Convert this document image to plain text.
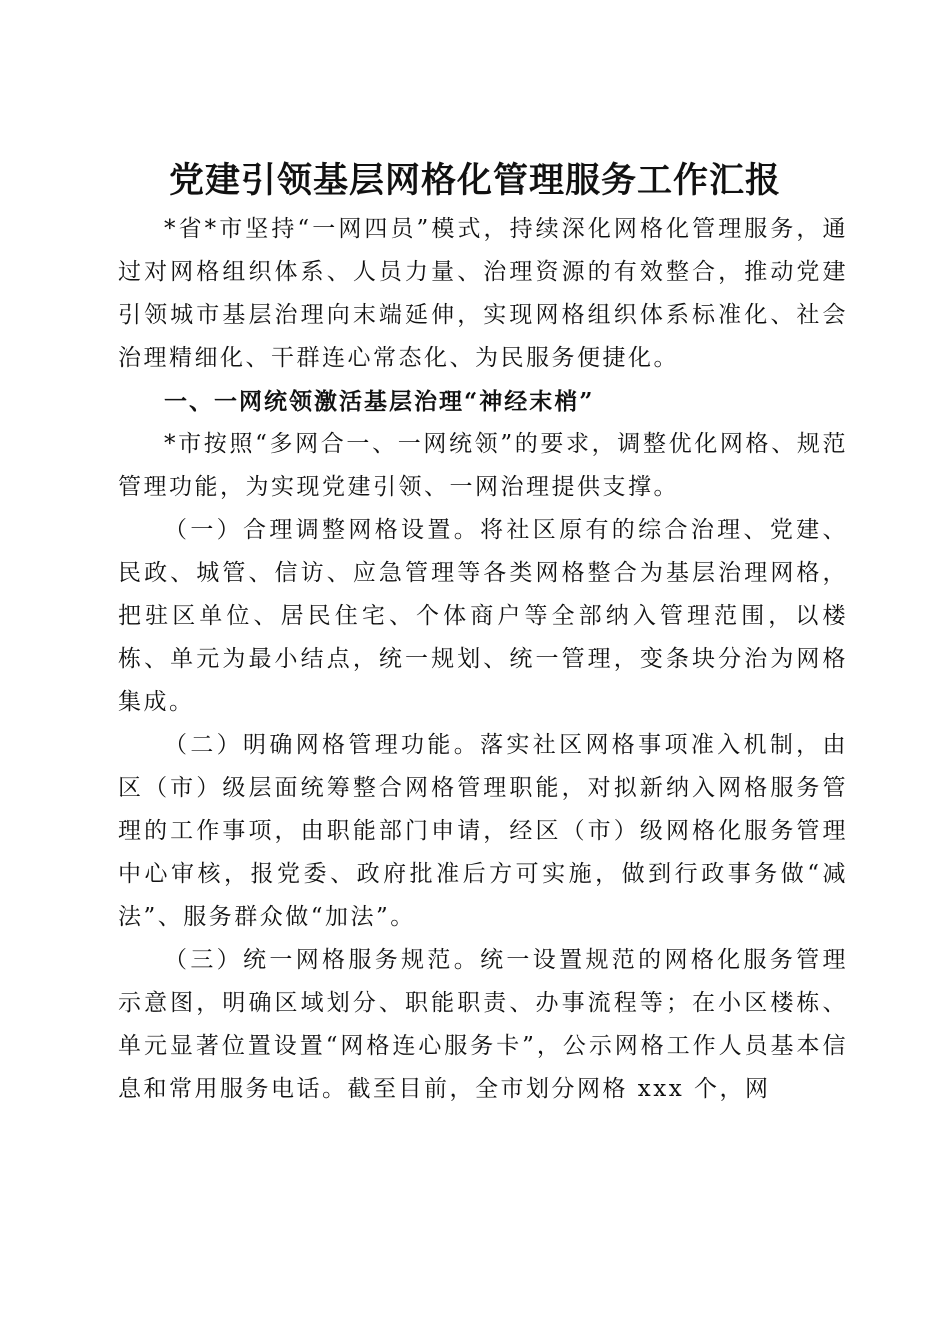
党建引领基层网格化管理服务工作汇报

*省*市坚持“一网四员”模式，持续深化网格化管理服务，通过对网格组织体系、人员力量、治理资源的有效整合，推动党建引领城市基层治理向末端延伸，实现网格组织体系标准化、社会治理精细化、干群连心常态化、为民服务便捷化。

一、一网统领激活基层治理“神经末梢”

*市按照“多网合一、一网统领”的要求，调整优化网格、规范管理功能，为实现党建引领、一网治理提供支撑。

（一）合理调整网格设置。将社区原有的综合治理、党建、民政、城管、信访、应急管理等各类网格整合为基层治理网格，把驻区单位、居民住宅、个体商户等全部纳入管理范围，以楼栋、单元为最小结点，统一规划、统一管理，变条块分治为网格集成。

（二）明确网格管理功能。落实社区网格事项准入机制，由区（市）级层面统筹整合网格管理职能，对拟新纳入网格服务管理的工作事项，由职能部门申请，经区（市）级网格化服务管理中心审核，报党委、政府批准后方可实施，做到行政事务做“减法”、服务群众做“加法”。

（三）统一网格服务规范。统一设置规范的网格化服务管理示意图，明确区域划分、职能职责、办事流程等；在小区楼栋、单元显著位置设置“网格连心服务卡”，公示网格工作人员基本信息和常用服务电话。截至目前，全市划分网格 xxx 个，网
